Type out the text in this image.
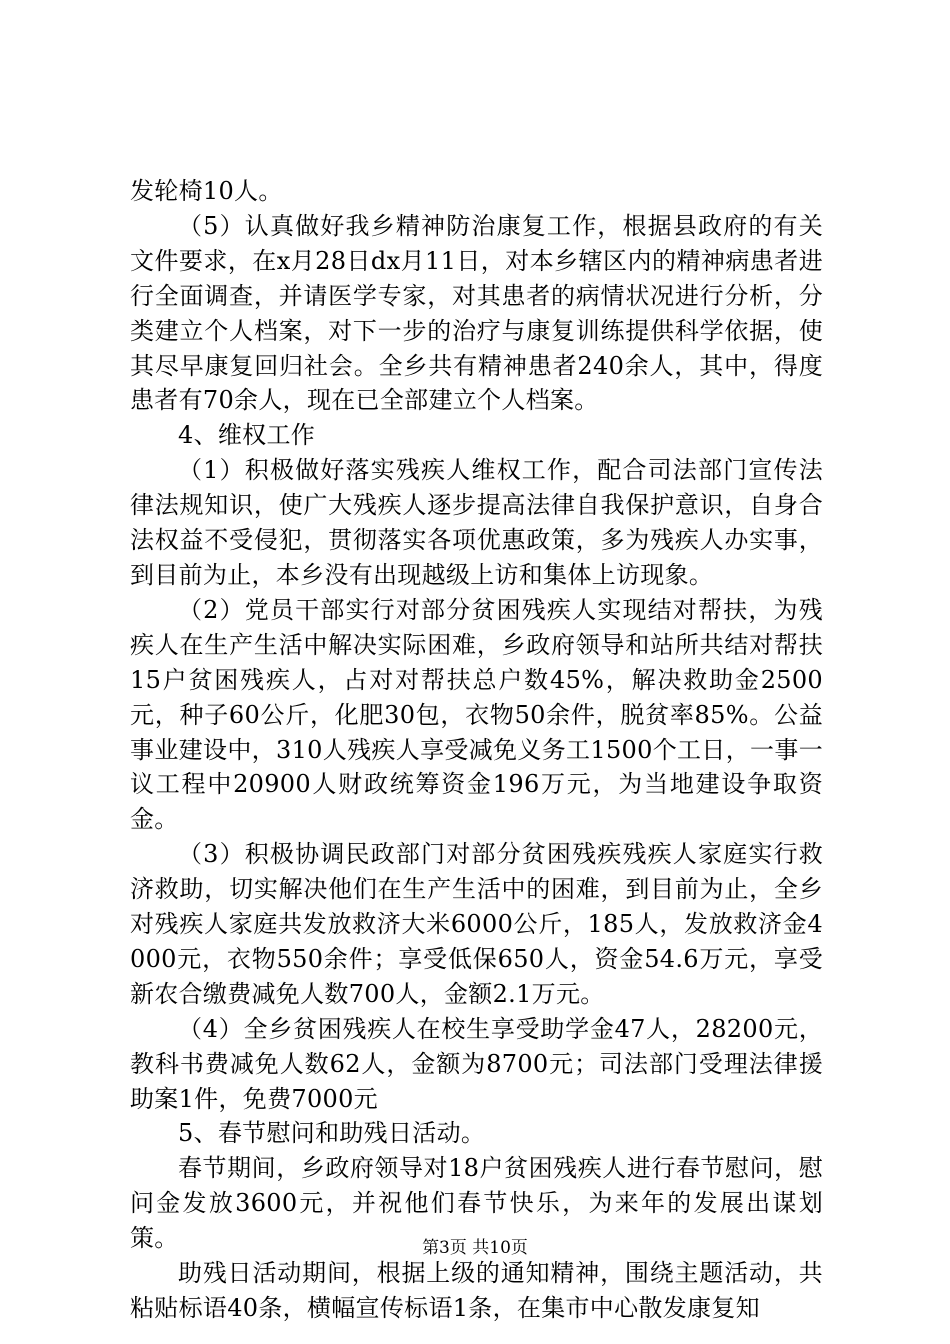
发轮椅10人。

（5）认真做好我乡精神防治康复工作，根据县政府的有关文件要求，在x月28日dx月11日，对本乡辖区内的精神病患者进行全面调查，并请医学专家，对其患者的病情状况进行分析，分类建立个人档案，对下一步的治疗与康复训练提供科学依据，使其尽早康复回归社会。全乡共有精神患者240余人，其中，得度患者有70余人，现在已全部建立个人档案。

4、维权工作

（1）积极做好落实残疾人维权工作，配合司法部门宣传法律法规知识，使广大残疾人逐步提高法律自我保护意识，自身合法权益不受侵犯，贯彻落实各项优惠政策，多为残疾人办实事，到目前为止，本乡没有出现越级上访和集体上访现象。

（2）党员干部实行对部分贫困残疾人实现结对帮扶，为残疾人在生产生活中解决实际困难，乡政府领导和站所共结对帮扶15户贫困残疾人，占对对帮扶总户数45%，解决救助金2500元，种子60公斤，化肥30包，衣物50余件，脱贫率85%。公益事业建设中，310人残疾人享受减免义务工1500个工日，一事一议工程中20900人财政统筹资金196万元，为当地建设争取资金。

（3）积极协调民政部门对部分贫困残疾残疾人家庭实行救济救助，切实解决他们在生产生活中的困难，到目前为止，全乡对残疾人家庭共发放救济大米6000公斤，185人，发放救济金4000元，衣物550余件；享受低保650人，资金54.6万元，享受新农合缴费减免人数700人，金额2.1万元。

（4）全乡贫困残疾人在校生享受助学金47人，28200元，教科书费减免人数62人，金额为8700元；司法部门受理法律援助案1件，免费7000元

5、春节慰问和助残日活动。

春节期间，乡政府领导对18户贫困残疾人进行春节慰问，慰问金发放3600元，并祝他们春节快乐，为来年的发展出谋划策。

助残日活动期间，根据上级的通知精神，围绕主题活动，共粘贴标语40条，横幅宣传标语1条，在集市中心散发康复知

第3页 共10页
